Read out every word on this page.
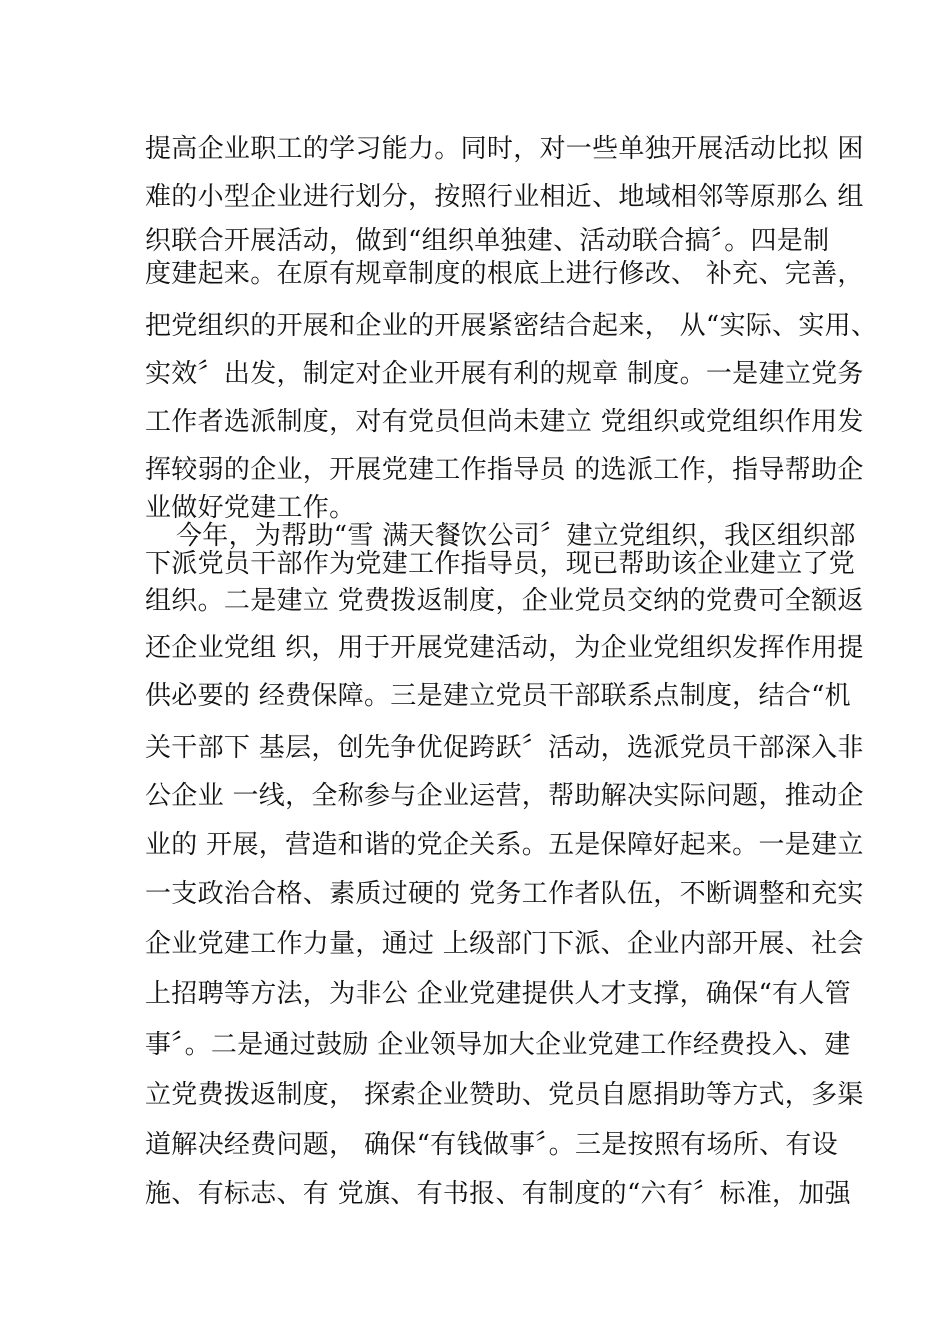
提高企业职工的学习能力。同时，对一些单独开展活动比拟 困
难的小型企业进行划分，按照行业相近、地域相邻等原那么 组
织联合开展活动，做到“组织单独建、活动联合搞〞。四是制
度建起来。在原有规章制度的根底上进行修改、 补充、完善，
把党组织的开展和企业的开展紧密结合起来， 从“实际、实用、
实效〞出发，制定对企业开展有利的规章 制度。一是建立党务
工作者选派制度，对有党员但尚未建立 党组织或党组织作用发
挥较弱的企业，开展党建工作指导员 的选派工作，指导帮助企
业做好党建工作。
今年，为帮助“雪 满天餐饮公司〞建立党组织，我区组织部
下派党员干部作为党建工作指导员，现已帮助该企业建立了党
组织。二是建立 党费拨返制度，企业党员交纳的党费可全额返
还企业党组 织，用于开展党建活动，为企业党组织发挥作用提
供必要的 经费保障。三是建立党员干部联系点制度，结合“机
关干部下 基层，创先争优促跨跃〞活动，选派党员干部深入非
公企业 一线，全称参与企业运营，帮助解决实际问题，推动企
业的 开展，营造和谐的党企关系。五是保障好起来。一是建立
一支政治合格、素质过硬的 党务工作者队伍，不断调整和充实
企业党建工作力量，通过 上级部门下派、企业内部开展、社会
上招聘等方法，为非公 企业党建提供人才支撑，确保“有人管
事〞。二是通过鼓励 企业领导加大企业党建工作经费投入、建
立党费拨返制度， 探索企业赞助、党员自愿捐助等方式，多渠
道解决经费问题， 确保“有钱做事〞。三是按照有场所、有设
施、有标志、有 党旗、有书报、有制度的“六有〞标准，加强
